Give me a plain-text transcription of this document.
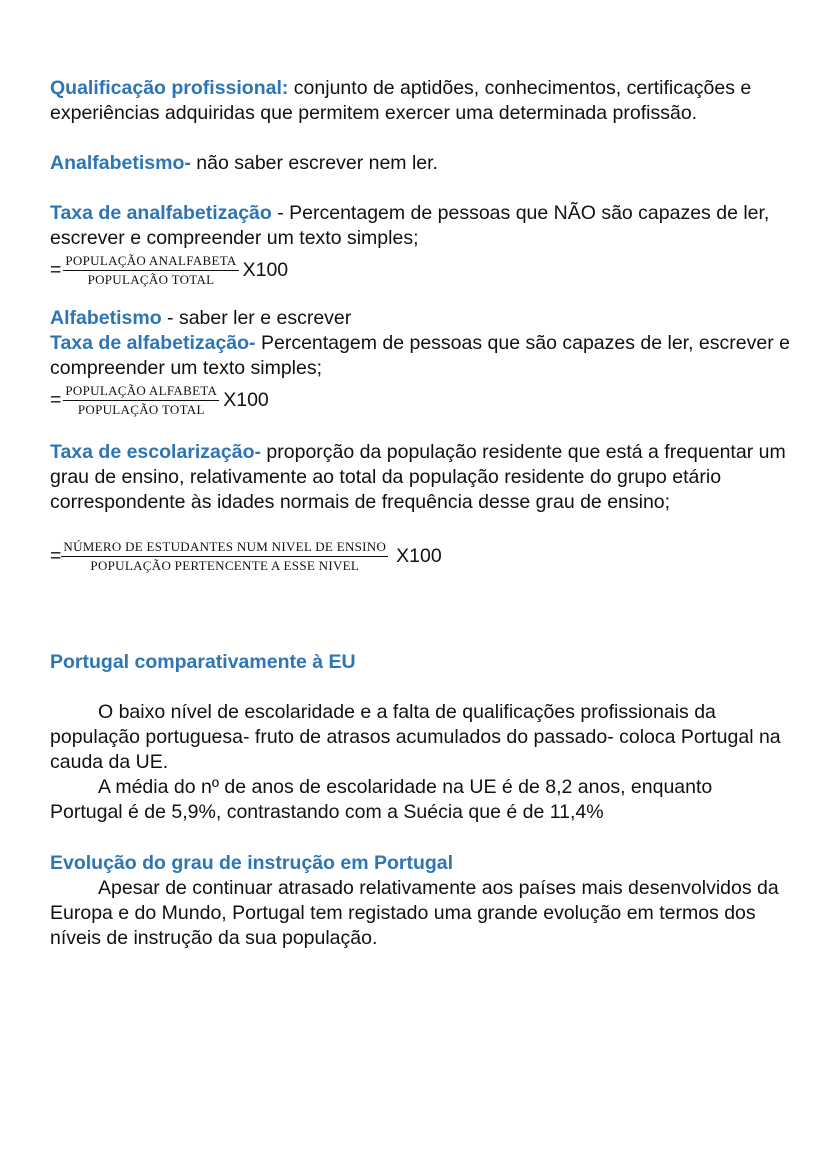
Qualificação profissional: conjunto de aptidões, conhecimentos, certificações e experiências adquiridas que permitem exercer uma determinada profissão.

Analfabetismo- não saber escrever nem ler.

Taxa de analfabetização - Percentagem de pessoas que NÃO são capazes de ler, escrever e compreender um texto simples;

= $\frac{\text{POPULAÇÃO ANALFABETA}}{\text{POPULAÇÃO TOTAL}} X100$

Alfabetismo - saber ler e escrever

Taxa de alfabetização- Percentagem de pessoas que são capazes de ler, escrever e compreender um texto simples;

= $\frac{\text{POPULAÇÃO ALFABETA}}{\text{POPULAÇÃO TOTAL}} X100$

Taxa de escolarização- proporção da população residente que está a frequentar um grau de ensino, relativamente ao total da população residente do grupo etário correspondente às idades normais de frequência desse grau de ensino;

= $\frac{\text{NÚMERO DE ESTUDANTES NUM NIVEL DE ENSINO}}{\text{POPULAÇÃO PERTENCENTE A ESSE NIVEL}} X100$

Portugal comparativamente à EU

O baixo nível de escolaridade e a falta de qualificações profissionais da população portuguesa- fruto de atrasos acumulados do passado- coloca Portugal na cauda da UE.

A média do nº de anos de escolaridade na UE é de 8,2 anos, enquanto Portugal é de 5,9%, contrastando com a Suécia que é de 11,4%

Evolução do grau de instrução em Portugal

Apesar de continuar atrasado relativamente aos países mais desenvolvidos da Europa e do Mundo, Portugal tem registado uma grande evolução em termos dos níveis de instrução da sua população.
